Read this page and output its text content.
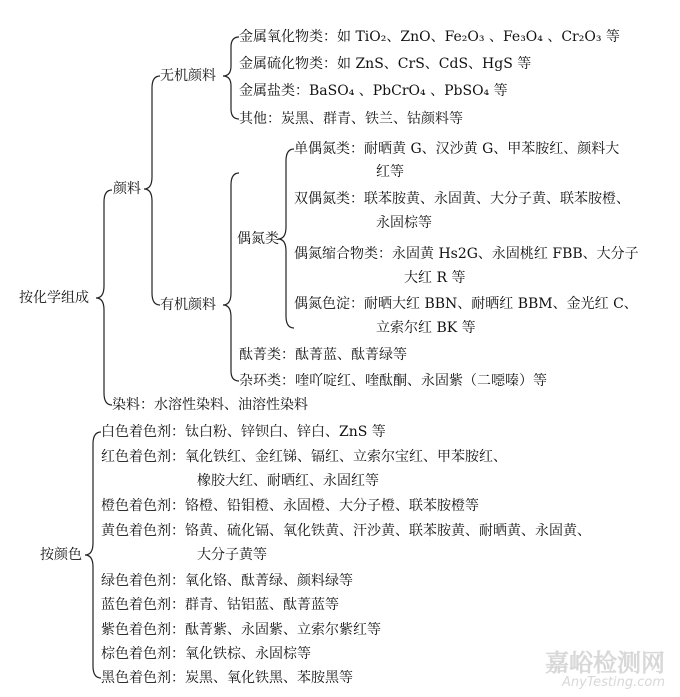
按化学组成
颜料
无机颜料
有机颜料
偶氮类
金属氧化物类：如 TiO₂、ZnO、Fe₂O₃ 、Fe₃O₄ 、Cr₂O₃ 等
金属硫化物类：如 ZnS、CrS、CdS、HgS 等
金属盐类：BaSO₄ 、PbCrO₄ 、PbSO₄ 等
其他：炭黑、群青、铁兰、钴颜料等
单偶氮类：耐晒黄 G、汉沙黄 G、甲苯胺红、颜料大
红等
双偶氮类：联苯胺黄、永固黄、大分子黄、联苯胺橙、
永固棕等
偶氮缩合物类：永固黄 Hs2G、永固桃红 FBB、大分子
大红 R 等
偶氮色淀：耐晒大红 BBN、耐晒红 BBM、金光红 C、
立索尔红 BK 等
酞菁类：酞菁蓝、酞菁绿等
杂环类：喹吖啶红、喹酞酮、永固紫（二噁嗪）等
染料：水溶性染料、油溶性染料
按颜色
白色着色剂：钛白粉、锌钡白、锌白、ZnS 等
红色着色剂：氧化铁红、金红锑、镉红、立索尔宝红、甲苯胺红、
橡胶大红、耐晒红、永固红等
橙色着色剂：铬橙、铅钼橙、永固橙、大分子橙、联苯胺橙等
黄色着色剂：铬黄、硫化镉、氧化铁黄、汗沙黄、联苯胺黄、耐晒黄、永固黄、
大分子黄等
绿色着色剂：氧化铬、酞菁绿、颜料绿等
蓝色着色剂：群青、钴铝蓝、酞菁蓝等
紫色着色剂：酞菁紫、永固紫、立索尔紫红等
棕色着色剂：氧化铁棕、永固棕等
黑色着色剂：炭黑、氧化铁黑、苯胺黑等
嘉峪检测网
AnyTesting.com
